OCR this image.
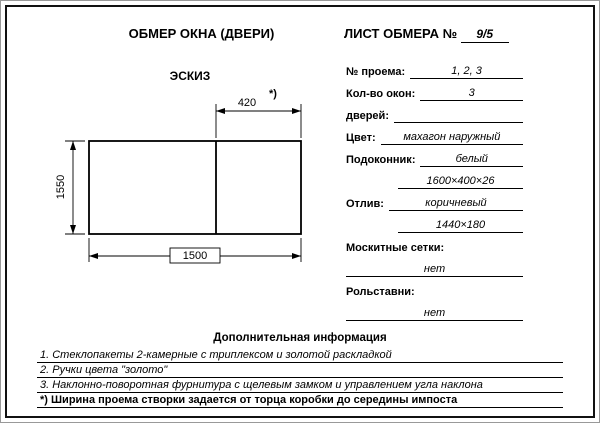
ОБМЕР ОКНА (ДВЕРИ)	ЛИСТ ОБМЕРА № 9/5
ЭСКИЗ
420
*)
1550
1500
№ проема:	1, 2, 3
Кол-во окон:	3
дверей:
Цвет:	махагон наружный
Подоконник:	белый
1600×400×26
Отлив:	коричневый
1440×180
Москитные сетки:
нет
Рольставни:
нет
Дополнительная информация
1. Стеклопакеты 2-камерные с триплексом и золотой раскладкой
2. Ручки цвета "золото"
3. Наклонно-поворотная фурнитура с щелевым замком и управлением угла наклона
*) Ширина проема створки задается от торца коробки до середины импоста
